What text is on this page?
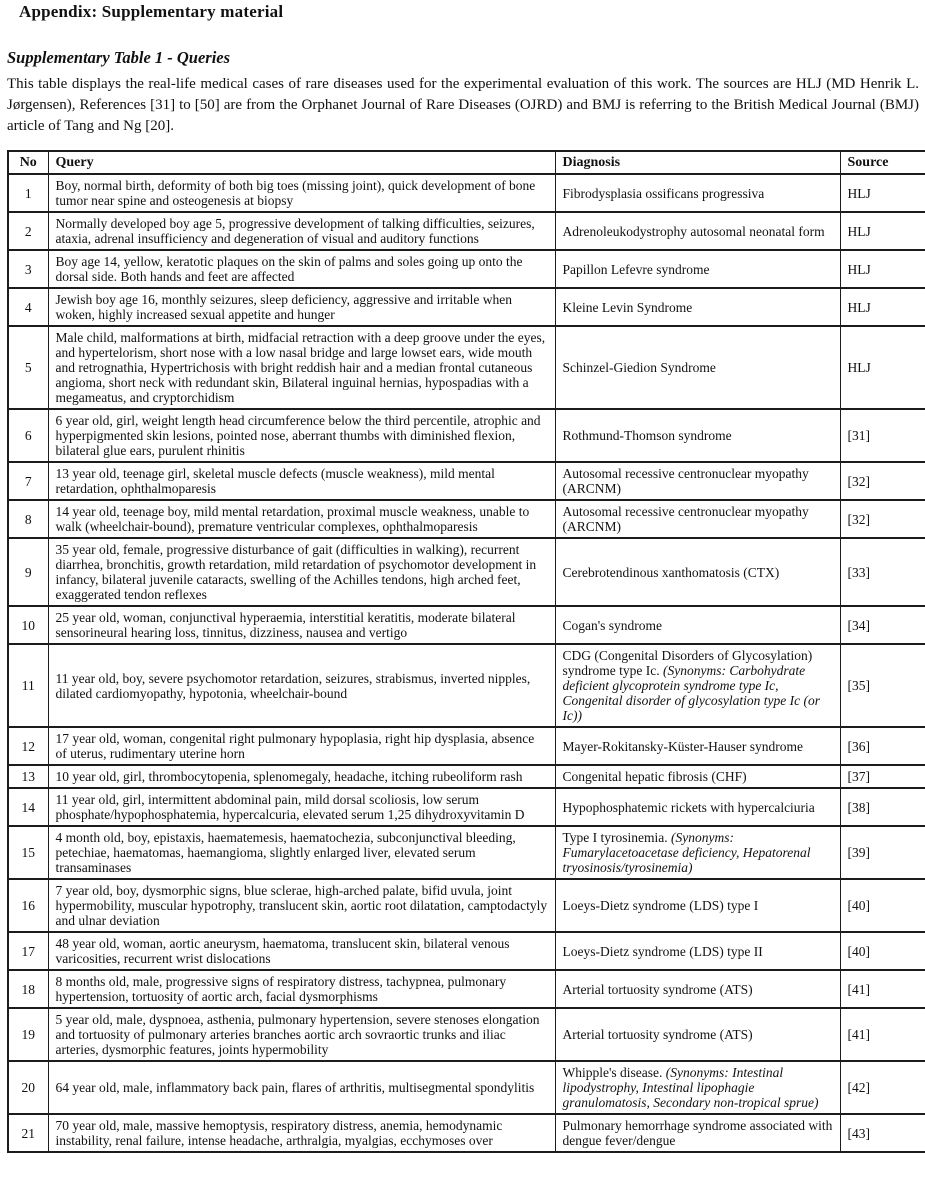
Appendix: Supplementary material
Supplementary Table 1 - Queries

This table displays the real-life medical cases of rare diseases used for the experimental evaluation of this work. The sources are HLJ (MD Henrik L. Jørgensen), References [31] to [50] are from the Orphanet Journal of Rare Diseases (OJRD) and BMJ is referring to the British Medical Journal (BMJ) article of Tang and Ng [20].

No	Query	Diagnosis	Source
1	Boy, normal birth, deformity of both big toes (missing joint), quick development of bone tumor near spine and osteogenesis at biopsy	Fibrodysplasia ossificans progressiva	HLJ
2	Normally developed boy age 5, progressive development of talking difficulties, seizures, ataxia, adrenal insufficiency and degeneration of visual and auditory functions	Adrenoleukodystrophy autosomal neonatal form	HLJ
3	Boy age 14, yellow, keratotic plaques on the skin of palms and soles going up onto the dorsal side. Both hands and feet are affected	Papillon Lefevre syndrome	HLJ
4	Jewish boy age 16, monthly seizures, sleep deficiency, aggressive and irritable when woken, highly increased sexual appetite and hunger	Kleine Levin Syndrome	HLJ
5	Male child, malformations at birth, midfacial retraction with a deep groove under the eyes, and hypertelorism, short nose with a low nasal bridge and large lowset ears, wide mouth and retrognathia, Hypertrichosis with bright reddish hair and a median frontal cutaneous angioma, short neck with redundant skin, Bilateral inguinal hernias, hypospadias with a megameatus, and cryptorchidism	Schinzel-Giedion Syndrome	HLJ
6	6 year old, girl, weight length head circumference below the third percentile, atrophic and hyperpigmented skin lesions, pointed nose, aberrant thumbs with diminished flexion, bilateral glue ears, purulent rhinitis	Rothmund-Thomson syndrome	[31]
7	13 year old, teenage girl, skeletal muscle defects (muscle weakness), mild mental retardation, ophthalmoparesis	Autosomal recessive centronuclear myopathy (ARCNM)	[32]
8	14 year old, teenage boy, mild mental retardation, proximal muscle weakness, unable to walk (wheelchair-bound), premature ventricular complexes, ophthalmoparesis	Autosomal recessive centronuclear myopathy (ARCNM)	[32]
9	35 year old, female, progressive disturbance of gait (difficulties in walking), recurrent diarrhea, bronchitis, growth retardation, mild retardation of psychomotor development in infancy, bilateral juvenile cataracts, swelling of the Achilles tendons, high arched feet, exaggerated tendon reflexes	Cerebrotendinous xanthomatosis (CTX)	[33]
10	25 year old, woman, conjunctival hyperaemia, interstitial keratitis, moderate bilateral sensorineural hearing loss, tinnitus, dizziness, nausea and vertigo	Cogan's syndrome	[34]
11	11 year old, boy, severe psychomotor retardation, seizures, strabismus, inverted nipples, dilated cardiomyopathy, hypotonia, wheelchair-bound	CDG (Congenital Disorders of Glycosylation) syndrome type Ic. (Synonyms: Carbohydrate deficient glycoprotein syndrome type Ic, Congenital disorder of glycosylation type Ic (or Ic))	[35]
12	17 year old, woman, congenital right pulmonary hypoplasia, right hip dysplasia, absence of uterus, rudimentary uterine horn	Mayer-Rokitansky-Küster-Hauser syndrome	[36]
13	10 year old, girl, thrombocytopenia, splenomegaly, headache, itching rubeoliform rash	Congenital hepatic fibrosis (CHF)	[37]
14	11 year old, girl, intermittent abdominal pain, mild dorsal scoliosis, low serum phosphate/hypophosphatemia, hypercalcuria, elevated serum 1,25 dihydroxyvitamin D	Hypophosphatemic rickets with hypercalciuria	[38]
15	4 month old, boy, epistaxis, haematemesis, haematochezia, subconjunctival bleeding, petechiae, haematomas, haemangioma, slightly enlarged liver, elevated serum transaminases	Type I tyrosinemia. (Synonyms: Fumarylacetoacetase deficiency, Hepatorenal tryosinosis/tyrosinemia)	[39]
16	7 year old, boy, dysmorphic signs, blue sclerae, high-arched palate, bifid uvula, joint hypermobility, muscular hypotrophy, translucent skin, aortic root dilatation, camptodactyly and ulnar deviation	Loeys-Dietz syndrome (LDS) type I	[40]
17	48 year old, woman, aortic aneurysm, haematoma, translucent skin, bilateral venous varicosities, recurrent wrist dislocations	Loeys-Dietz syndrome (LDS) type II	[40]
18	8 months old, male, progressive signs of respiratory distress, tachypnea, pulmonary hypertension, tortuosity of aortic arch, facial dysmorphisms	Arterial tortuosity syndrome (ATS)	[41]
19	5 year old, male, dyspnoea, asthenia, pulmonary hypertension, severe stenoses elongation and tortuosity of pulmonary arteries branches aortic arch sovraortic trunks and iliac arteries, dysmorphic features, joints hypermobility	Arterial tortuosity syndrome (ATS)	[41]
20	64 year old, male, inflammatory back pain, flares of arthritis, multisegmental spondylitis	Whipple's disease. (Synonyms: Intestinal lipodystrophy, Intestinal lipophagie granulomatosis, Secondary non-tropical sprue)	[42]
21	70 year old, male, massive hemoptysis, respiratory distress, anemia, hemodynamic instability, renal failure, intense headache, arthralgia, myalgias, ecchymoses over	Pulmonary hemorrhage syndrome associated with dengue fever/dengue	[43]
